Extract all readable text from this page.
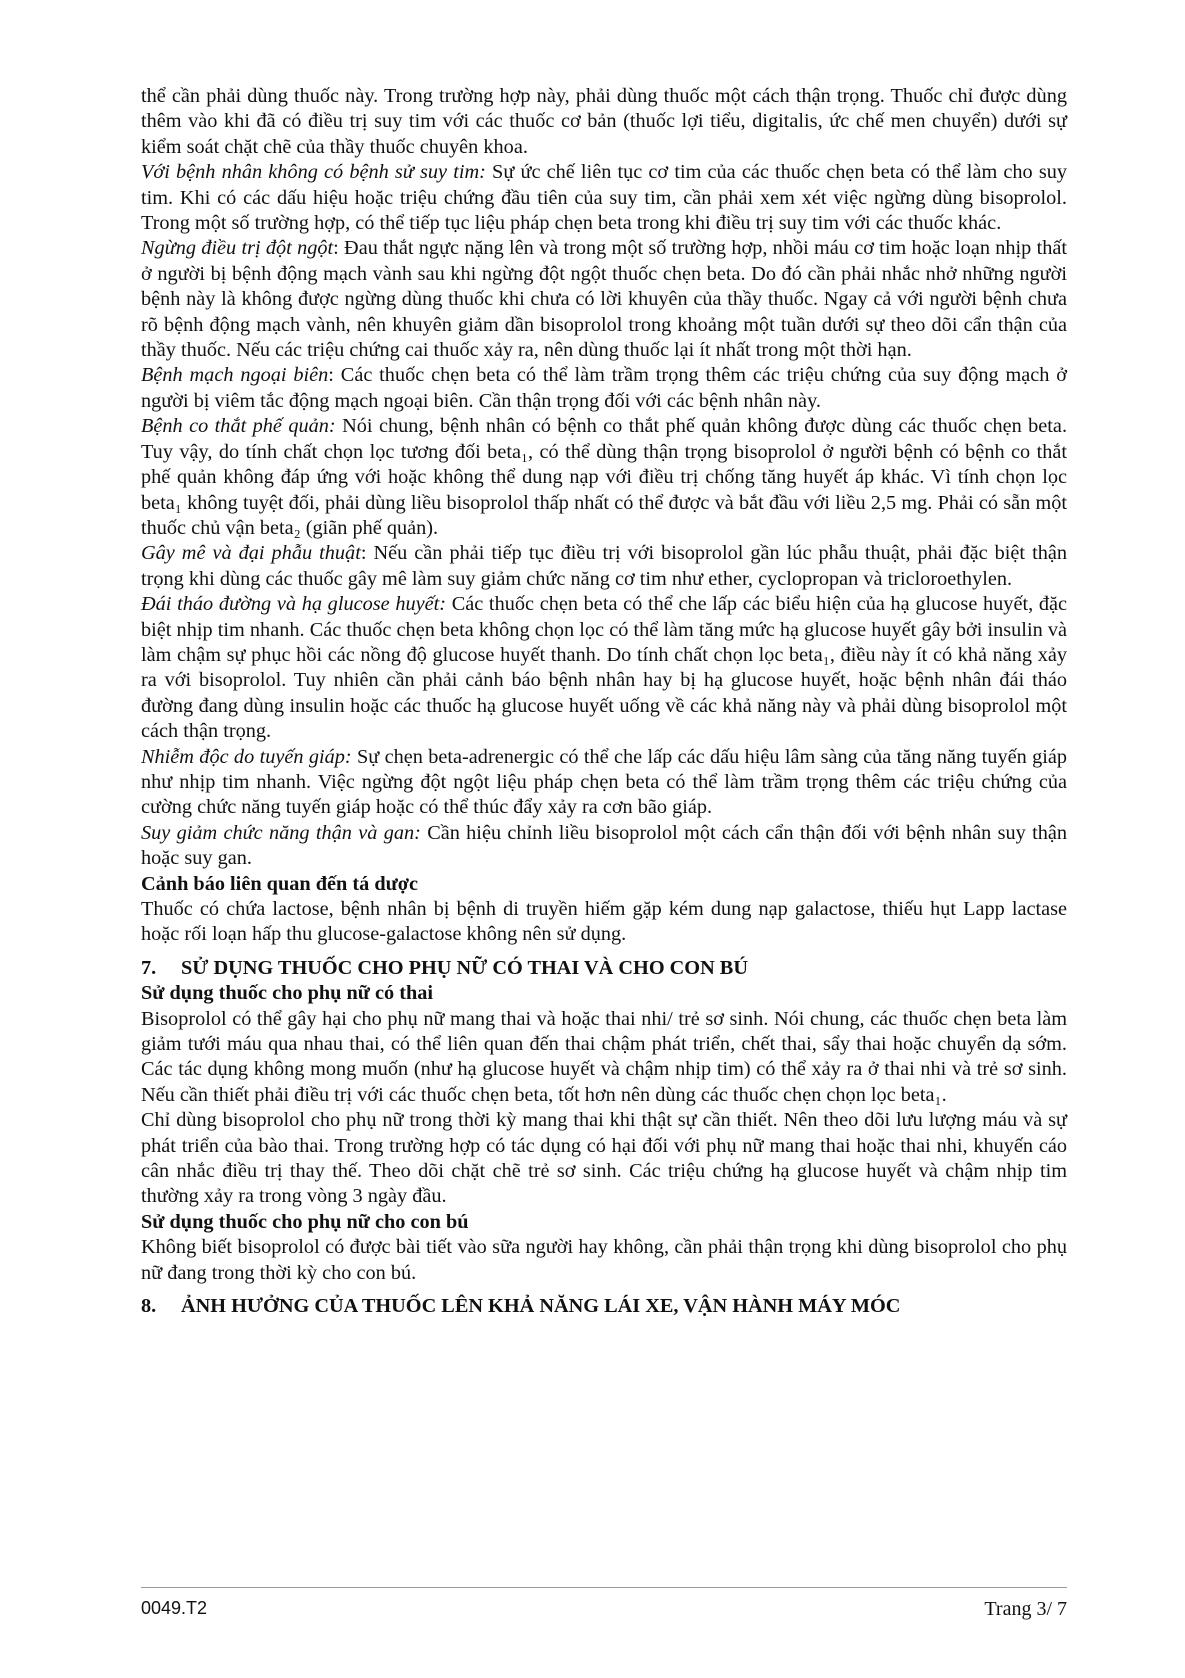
thể cần phải dùng thuốc này. Trong trường hợp này, phải dùng thuốc một cách thận trọng. Thuốc chỉ được dùng thêm vào khi đã có điều trị suy tim với các thuốc cơ bản (thuốc lợi tiểu, digitalis, ức chế men chuyển) dưới sự kiểm soát chặt chẽ của thầy thuốc chuyên khoa.

Với bệnh nhân không có bệnh sử suy tim: Sự ức chế liên tục cơ tim của các thuốc chẹn beta có thể làm cho suy tim. Khi có các dấu hiệu hoặc triệu chứng đầu tiên của suy tim, cần phải xem xét việc ngừng dùng bisoprolol. Trong một số trường hợp, có thể tiếp tục liệu pháp chẹn beta trong khi điều trị suy tim với các thuốc khác.

Ngừng điều trị đột ngột: Đau thắt ngực nặng lên và trong một số trường hợp, nhồi máu cơ tim hoặc loạn nhịp thất ở người bị bệnh động mạch vành sau khi ngừng đột ngột thuốc chẹn beta. Do đó cần phải nhắc nhở những người bệnh này là không được ngừng dùng thuốc khi chưa có lời khuyên của thầy thuốc. Ngay cả với người bệnh chưa rõ bệnh động mạch vành, nên khuyên giảm dần bisoprolol trong khoảng một tuần dưới sự theo dõi cẩn thận của thầy thuốc. Nếu các triệu chứng cai thuốc xảy ra, nên dùng thuốc lại ít nhất trong một thời hạn.

Bệnh mạch ngoại biên: Các thuốc chẹn beta có thể làm trầm trọng thêm các triệu chứng của suy động mạch ở người bị viêm tắc động mạch ngoại biên. Cần thận trọng đối với các bệnh nhân này.

Bệnh co thắt phế quản: Nói chung, bệnh nhân có bệnh co thắt phế quản không được dùng các thuốc chẹn beta. Tuy vậy, do tính chất chọn lọc tương đối beta₁, có thể dùng thận trọng bisoprolol ở người bệnh có bệnh co thắt phế quản không đáp ứng với hoặc không thể dung nạp với điều trị chống tăng huyết áp khác. Vì tính chọn lọc beta₁ không tuyệt đối, phải dùng liều bisoprolol thấp nhất có thể được và bắt đầu với liều 2,5 mg. Phải có sẵn một thuốc chủ vận beta₂ (giãn phế quản).

Gây mê và đại phẫu thuật: Nếu cần phải tiếp tục điều trị với bisoprolol gần lúc phẫu thuật, phải đặc biệt thận trọng khi dùng các thuốc gây mê làm suy giảm chức năng cơ tim như ether, cyclopropan và tricloroethylen.

Đái tháo đường và hạ glucose huyết: Các thuốc chẹn beta có thể che lấp các biểu hiện của hạ glucose huyết, đặc biệt nhịp tim nhanh. Các thuốc chẹn beta không chọn lọc có thể làm tăng mức hạ glucose huyết gây bởi insulin và làm chậm sự phục hồi các nồng độ glucose huyết thanh. Do tính chất chọn lọc beta₁, điều này ít có khả năng xảy ra với bisoprolol. Tuy nhiên cần phải cảnh báo bệnh nhân hay bị hạ glucose huyết, hoặc bệnh nhân đái tháo đường đang dùng insulin hoặc các thuốc hạ glucose huyết uống về các khả năng này và phải dùng bisoprolol một cách thận trọng.

Nhiễm độc do tuyến giáp: Sự chẹn beta-adrenergic có thể che lấp các dấu hiệu lâm sàng của tăng năng tuyến giáp như nhịp tim nhanh. Việc ngừng đột ngột liệu pháp chẹn beta có thể làm trầm trọng thêm các triệu chứng của cường chức năng tuyến giáp hoặc có thể thúc đẩy xảy ra cơn bão giáp.

Suy giảm chức năng thận và gan: Cần hiệu chỉnh liều bisoprolol một cách cẩn thận đối với bệnh nhân suy thận hoặc suy gan.

Cảnh báo liên quan đến tá dược

Thuốc có chứa lactose, bệnh nhân bị bệnh di truyền hiếm gặp kém dung nạp galactose, thiếu hụt Lapp lactase hoặc rối loạn hấp thu glucose-galactose không nên sử dụng.

7. SỬ DỤNG THUỐC CHO PHỤ NỮ CÓ THAI VÀ CHO CON BÚ

Sử dụng thuốc cho phụ nữ có thai

Bisoprolol có thể gây hại cho phụ nữ mang thai và hoặc thai nhi/ trẻ sơ sinh. Nói chung, các thuốc chẹn beta làm giảm tưới máu qua nhau thai, có thể liên quan đến thai chậm phát triển, chết thai, sẩy thai hoặc chuyển dạ sớm. Các tác dụng không mong muốn (như hạ glucose huyết và chậm nhịp tim) có thể xảy ra ở thai nhi và trẻ sơ sinh. Nếu cần thiết phải điều trị với các thuốc chẹn beta, tốt hơn nên dùng các thuốc chẹn chọn lọc beta₁.

Chỉ dùng bisoprolol cho phụ nữ trong thời kỳ mang thai khi thật sự cần thiết. Nên theo dõi lưu lượng máu và sự phát triển của bào thai. Trong trường hợp có tác dụng có hại đối với phụ nữ mang thai hoặc thai nhi, khuyến cáo cân nhắc điều trị thay thế. Theo dõi chặt chẽ trẻ sơ sinh. Các triệu chứng hạ glucose huyết và chậm nhịp tim thường xảy ra trong vòng 3 ngày đầu.

Sử dụng thuốc cho phụ nữ cho con bú

Không biết bisoprolol có được bài tiết vào sữa người hay không, cần phải thận trọng khi dùng bisoprolol cho phụ nữ đang trong thời kỳ cho con bú.

8. ẢNH HƯỞNG CỦA THUỐC LÊN KHẢ NĂNG LÁI XE, VẬN HÀNH MÁY MÓC

0049.T2	Trang 3/ 7
